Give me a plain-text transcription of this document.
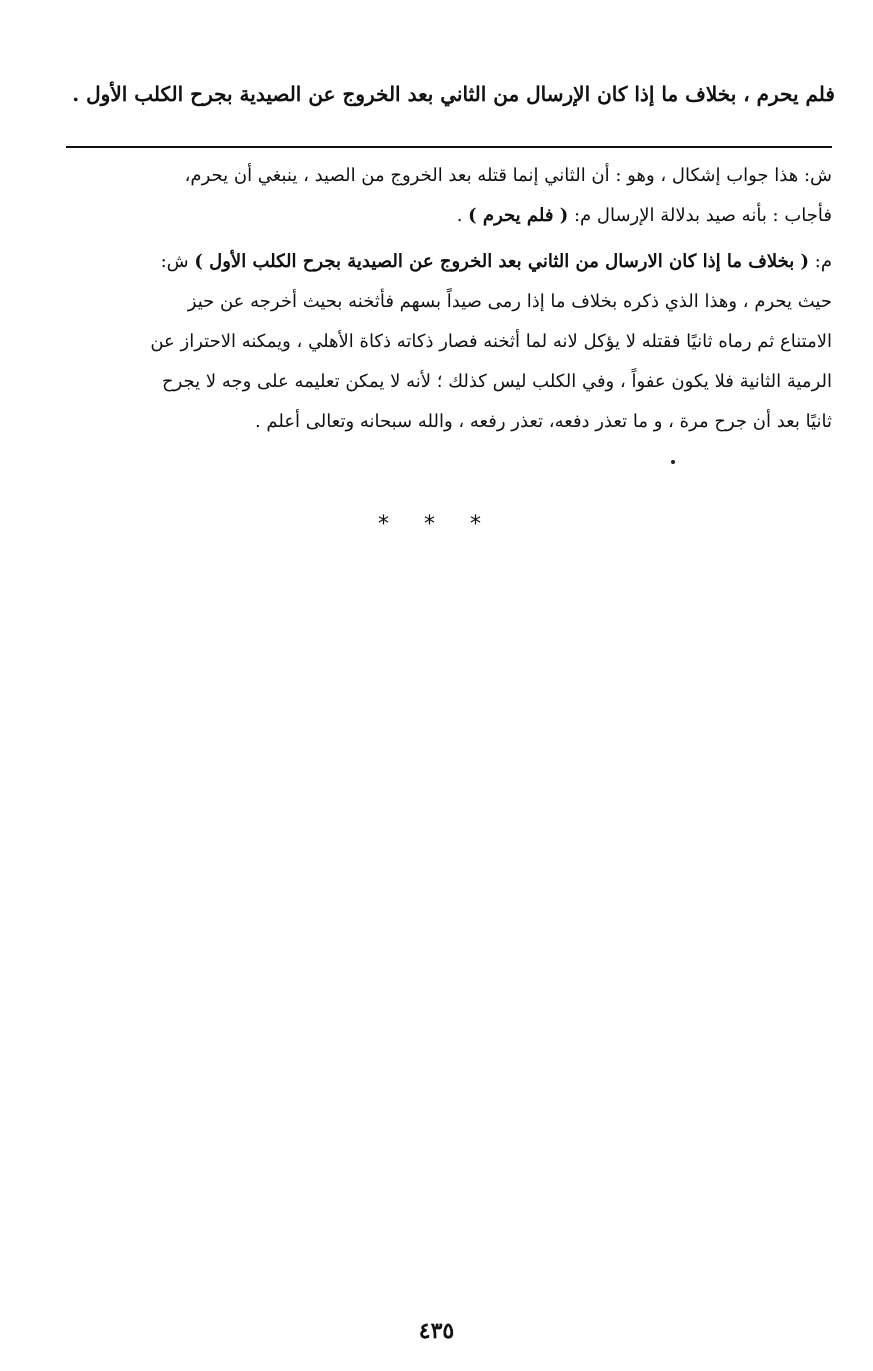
فلم يحرم ، بخلاف ما إذا كان الإرسال من الثاني بعد الخروج عن الصيدية بجرح الكلب الأول .

ش: هذا جواب إشكال ، وهو : أن الثاني إنما قتله بعد الخروج من الصيد ، ينبغي أن يحرم،
فأجاب : بأنه صيد بدلالة الإرسال م: ( فلم يحرم ) .

م: ( بخلاف ما إذا كان الارسال من الثاني بعد الخروج عن الصيدية بجرح الكلب الأول ) ش:
حيث يحرم ، وهذا الذي ذكره بخلاف ما إذا رمى صيداً بسهم فأثخنه بحيث أخرجه عن حيز
الامتناع ثم رماه ثانيًا فقتله لا يؤكل لانه لما أثخنه فصار ذكاته ذكاة الأهلي ، ويمكنه الاحتراز عن
الرمية الثانية فلا يكون عفواً ، وفي الكلب ليس كذلك ؛ لأنه لا يمكن تعليمه على وجه لا يجرح
ثانيًا بعد أن جرح مرة ، و ما تعذر دفعه، تعذر رفعه ، والله سبحانه وتعالى أعلم .

* * *
٤٣٥
